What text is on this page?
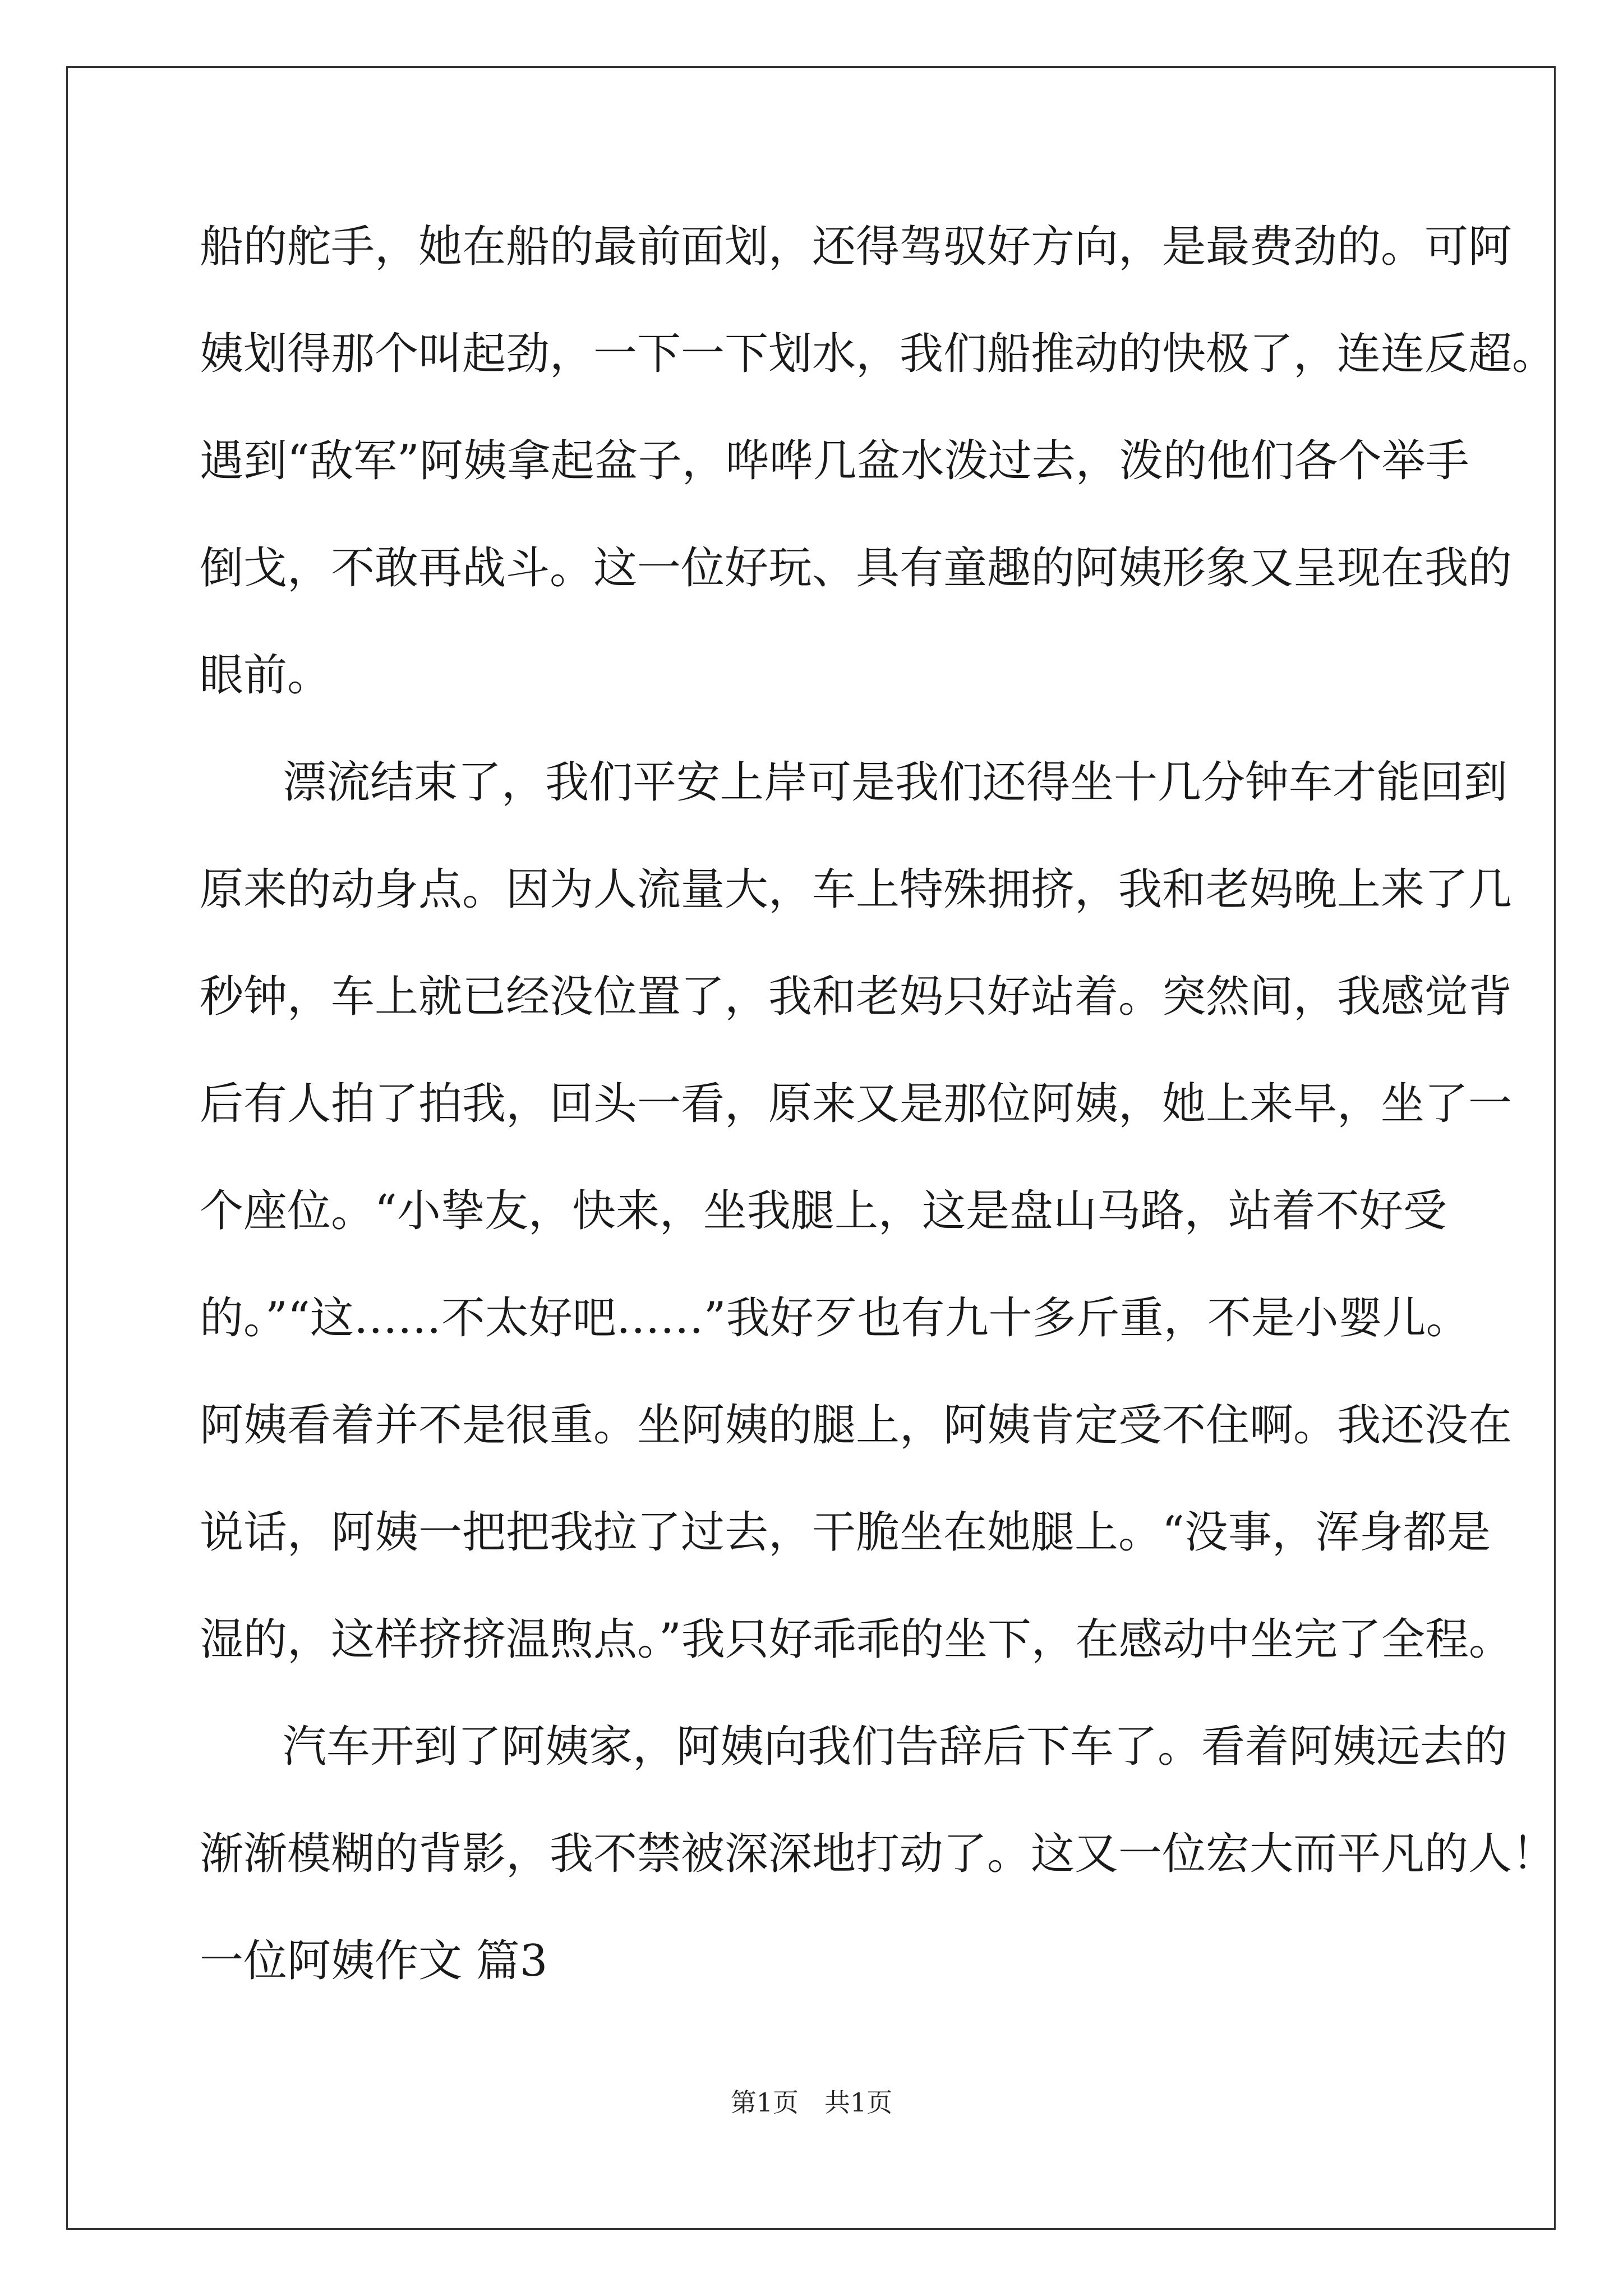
船的舵手，她在船的最前面划，还得驾驭好方向，是最费劲的。可阿
姨划得那个叫起劲，一下一下划水，我们船推动的快极了，连连反超。
遇到“敌军”阿姨拿起盆子，哗哗几盆水泼过去，泼的他们各个举手
倒戈，不敢再战斗。这一位好玩、具有童趣的阿姨形象又呈现在我的
眼前。
漂流结束了，我们平安上岸可是我们还得坐十几分钟车才能回到
原来的动身点。因为人流量大，车上特殊拥挤，我和老妈晚上来了几
秒钟，车上就已经没位置了，我和老妈只好站着。突然间，我感觉背
后有人拍了拍我，回头一看，原来又是那位阿姨，她上来早，坐了一
个座位。“小挚友，快来，坐我腿上，这是盘山马路，站着不好受
的。”“这……不太好吧……”我好歹也有九十多斤重，不是小婴儿。
阿姨看着并不是很重。坐阿姨的腿上，阿姨肯定受不住啊。我还没在
说话，阿姨一把把我拉了过去，干脆坐在她腿上。“没事，浑身都是
湿的，这样挤挤温煦点。”我只好乖乖的坐下，在感动中坐完了全程。
汽车开到了阿姨家，阿姨向我们告辞后下车了。看着阿姨远去的
渐渐模糊的背影，我不禁被深深地打动了。这又一位宏大而平凡的人！
一位阿姨作文 篇3
第1页　共1页
